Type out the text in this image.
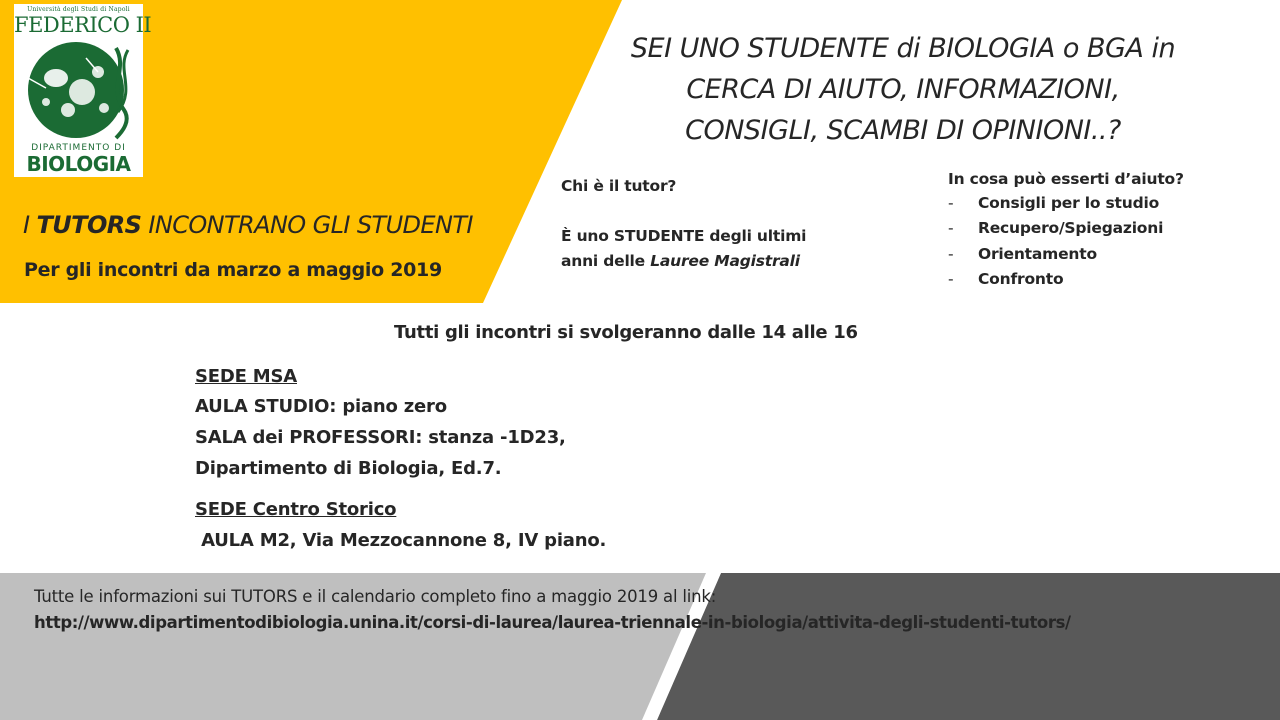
Università degli Studi di Napoli
FEDERICO II
DIPARTIMENTO DI
BIOLOGIA
SEI UNO STUDENTE di BIOLOGIA o BGA in
CERCA DI AIUTO, INFORMAZIONI,
CONSIGLI, SCAMBI DI OPINIONI..?
I TUTORS INCONTRANO GLI STUDENTI
Per gli incontri da marzo a maggio 2019
Chi è il tutor?
È uno STUDENTE degli ultimi
anni delle Lauree Magistrali
In cosa può esserti d’aiuto?
- Consigli per lo studio
- Recupero/Spiegazioni
- Orientamento
- Confronto
Tutti gli incontri si svolgeranno dalle 14 alle 16
SEDE MSA
AULA STUDIO: piano zero
SALA dei PROFESSORI: stanza -1D23,
Dipartimento di Biologia, Ed.7.
SEDE Centro Storico
AULA M2, Via Mezzocannone 8, IV piano.
Tutte le informazioni sui TUTORS e il calendario completo fino a maggio 2019 al link:
http://www.dipartimentodibiologia.unina.it/corsi-di-laurea/laurea-triennale-in-biologia/attivita-degli-studenti-tutors/
